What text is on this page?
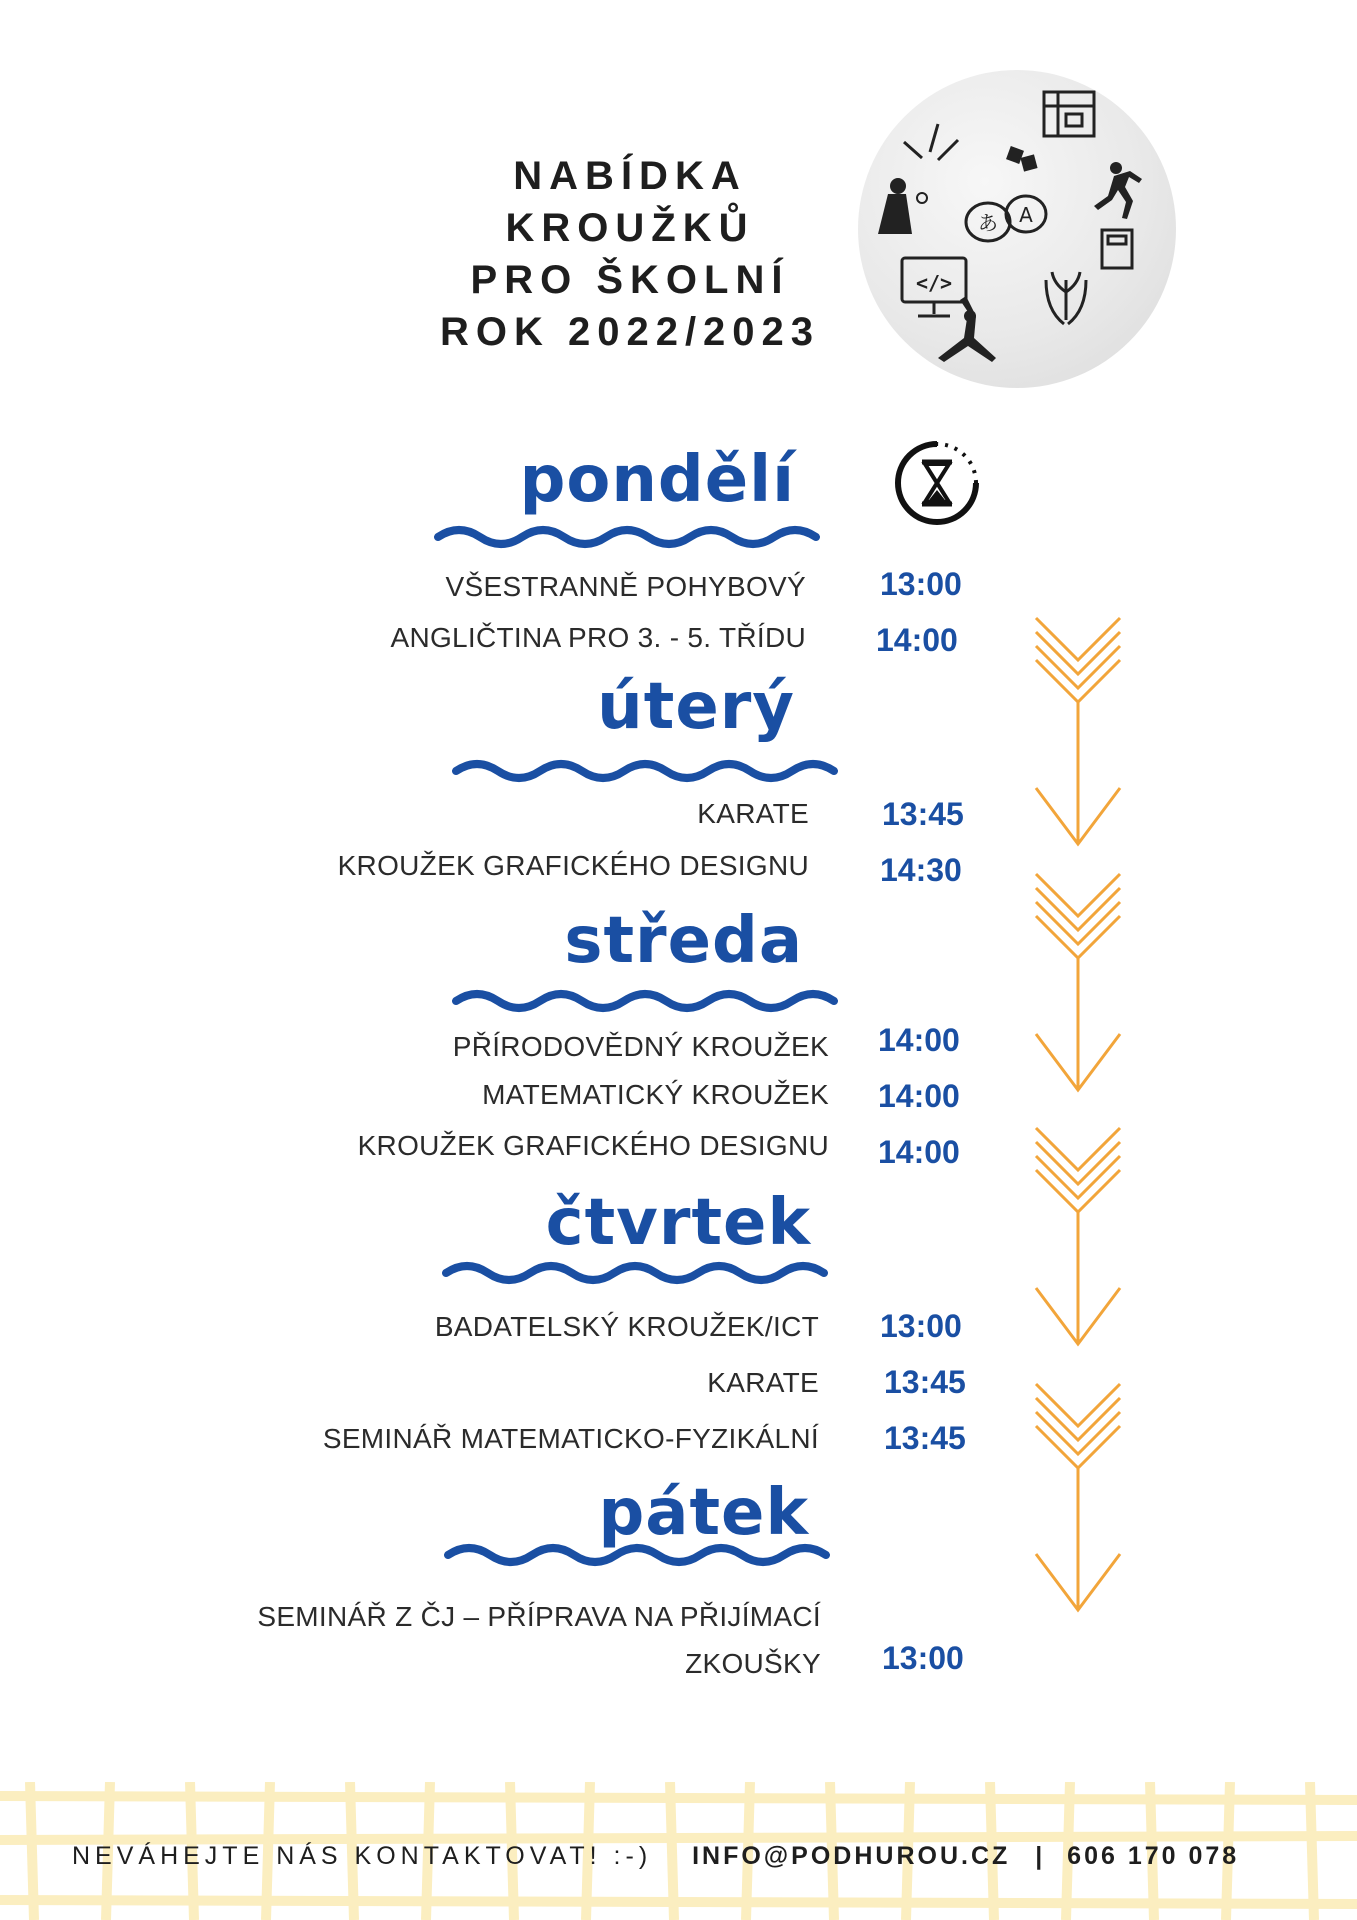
NABÍDKA
KROUŽKŮ
PRO ŠKOLNÍ
ROK 2022/2023
</>
あ A
pondělí
VŠESTRANNĚ POHYBOVÝ 13:00
ANGLIČTINA PRO 3. - 5. TŘÍDU 14:00
úterý
KARATE 13:45
KROUŽEK GRAFICKÉHO DESIGNU 14:30
středa
PŘÍRODOVĚDNÝ KROUŽEK 14:00
MATEMATICKÝ KROUŽEK 14:00
KROUŽEK GRAFICKÉHO DESIGNU 14:00
čtvrtek
BADATELSKÝ KROUŽEK/ICT 13:00
KARATE 13:45
SEMINÁŘ MATEMATICKO-FYZIKÁLNÍ 13:45
pátek
SEMINÁŘ Z ČJ – PŘÍPRAVA NA PŘIJÍMACÍ
ZKOUŠKY 13:00
NEVÁHEJTE NÁS KONTAKTOVAT! :-) INFO@PODHUROU.CZ | 606 170 078
